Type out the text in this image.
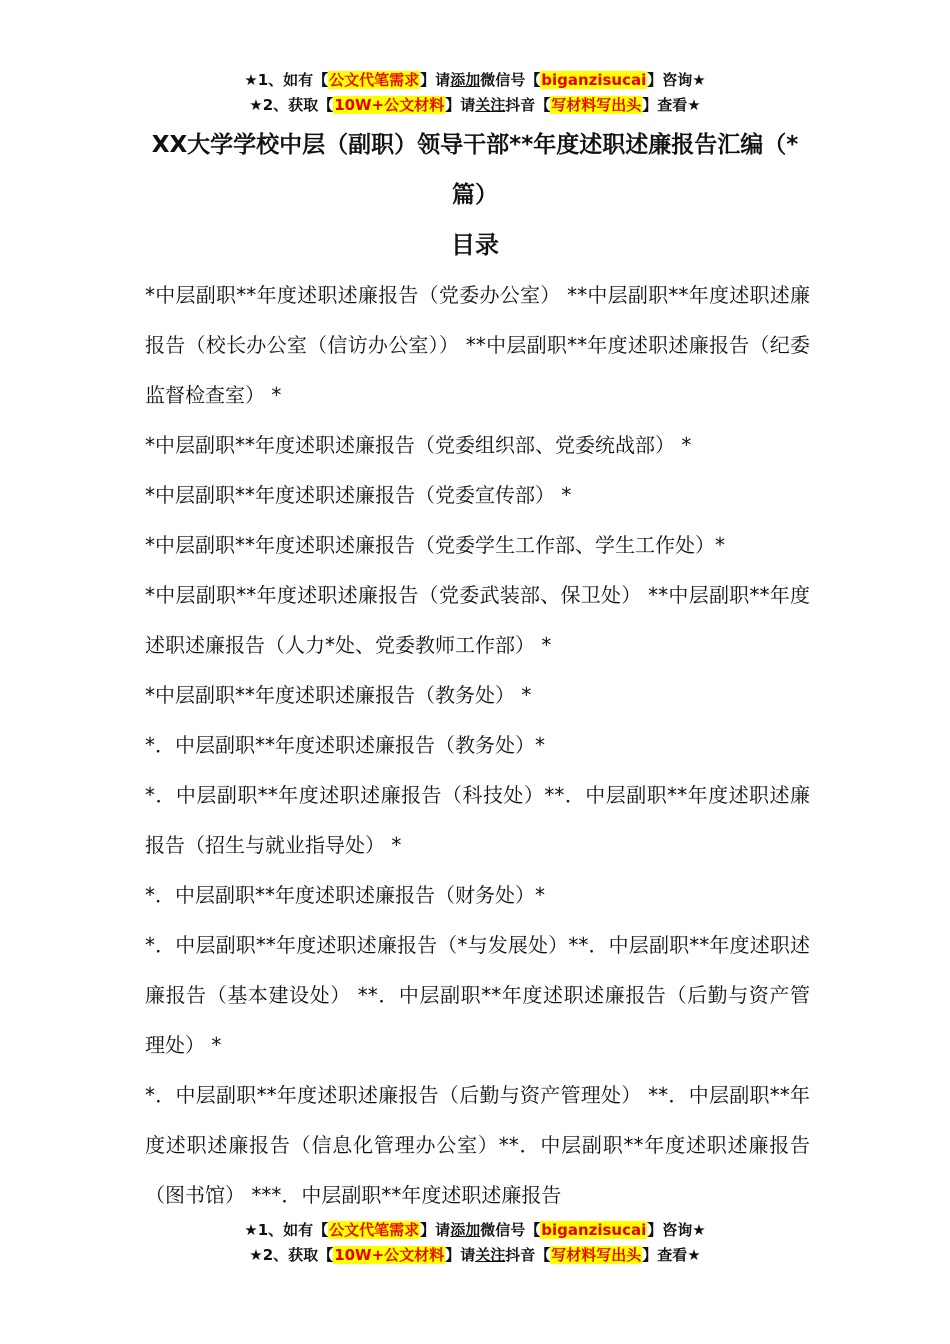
★1、如有【公文代笔需求】请添加微信号【biganzisucai】咨询★
★2、获取【10W+公文材料】请关注抖音【写材料写出头】查看★
XX大学学校中层（副职）领导干部**年度述职述廉报告汇编（*篇）
目录

*中层副职**年度述职述廉报告（党委办公室） **中层副职**年度述职述廉报告（校长办公室（信访办公室）） **中层副职**年度述职述廉报告（纪委监督检查室） *

*中层副职**年度述职述廉报告（党委组织部、党委统战部） *

*中层副职**年度述职述廉报告（党委宣传部） *

*中层副职**年度述职述廉报告（党委学生工作部、学生工作处）*

*中层副职**年度述职述廉报告（党委武装部、保卫处） **中层副职**年度述职述廉报告（人力*处、党委教师工作部） *

*中层副职**年度述职述廉报告（教务处） *

*．中层副职**年度述职述廉报告（教务处）*

*．中层副职**年度述职述廉报告（科技处）**．中层副职**年度述职述廉报告（招生与就业指导处） *

*．中层副职**年度述职述廉报告（财务处）*

*．中层副职**年度述职述廉报告（*与发展处）**．中层副职**年度述职述廉报告（基本建设处） **．中层副职**年度述职述廉报告（后勤与资产管理处） *

*．中层副职**年度述职述廉报告（后勤与资产管理处） **．中层副职**年度述职述廉报告（信息化管理办公室）**．中层副职**年度述职述廉报告（图书馆） ***．中层副职**年度述职述廉报告

★1、如有【公文代笔需求】请添加微信号【biganzisucai】咨询★
★2、获取【10W+公文材料】请关注抖音【写材料写出头】查看★
